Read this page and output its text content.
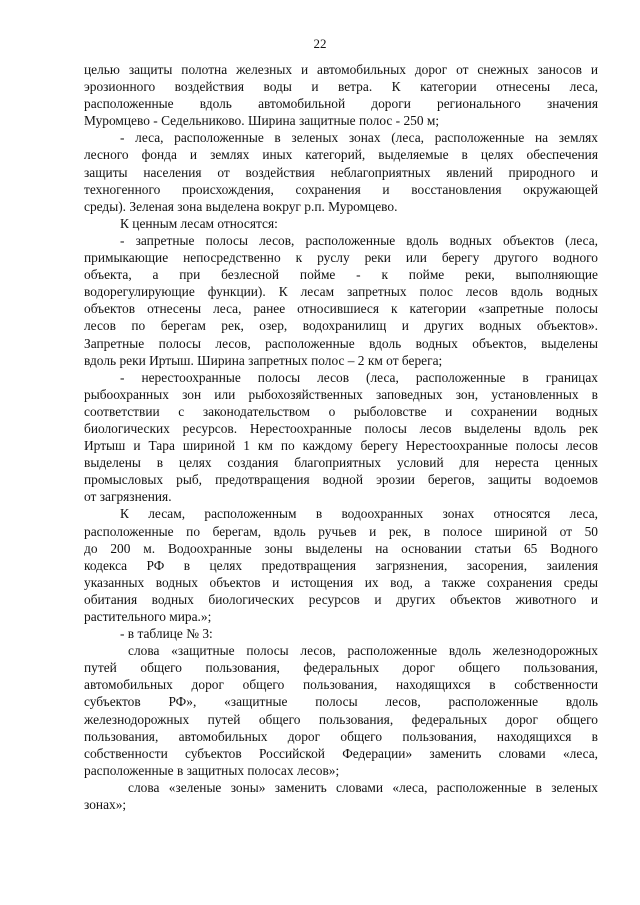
22
целью защиты полотна железных и автомобильных дорог от снежных заносов и
эрозионного воздействия воды и ветра. К категории отнесены леса,
расположенные вдоль автомобильной дороги регионального значения
Муромцево - Седельниково. Ширина защитные полос - 250 м;
- леса, расположенные в зеленых зонах (леса, расположенные на землях
лесного фонда и землях иных категорий, выделяемые в целях обеспечения
защиты населения от воздействия неблагоприятных явлений природного и
техногенного происхождения, сохранения и восстановления окружающей
среды). Зеленая зона выделена вокруг р.п. Муромцево.
К ценным лесам относятся:
- запретные полосы лесов, расположенные вдоль водных объектов (леса,
примыкающие непосредственно к руслу реки или берегу другого водного
объекта, а при безлесной пойме - к пойме реки, выполняющие
водорегулирующие функции). К лесам запретных полос лесов вдоль водных
объектов отнесены леса, ранее относившиеся к категории «запретные полосы
лесов по берегам рек, озер, водохранилищ и других водных объектов».
Запретные полосы лесов, расположенные вдоль водных объектов, выделены
вдоль реки Иртыш. Ширина запретных полос – 2 км от берега;
- нерестоохранные полосы лесов (леса, расположенные в границах
рыбоохранных зон или рыбохозяйственных заповедных зон, установленных в
соответствии с законодательством о рыболовстве и сохранении водных
биологических ресурсов. Нерестоохранные полосы лесов выделены вдоль рек
Иртыш и Тара шириной 1 км по каждому берегу Нерестоохранные полосы лесов
выделены в целях создания благоприятных условий для нереста ценных
промысловых рыб, предотвращения водной эрозии берегов, защиты водоемов
от загрязнения.
К лесам, расположенным в водоохранных зонах относятся леса,
расположенные по берегам, вдоль ручьев и рек, в полосе шириной от 50
до 200 м. Водоохранные зоны выделены на основании статьи 65 Водного
кодекса РФ в целях предотвращения загрязнения, засорения, заиления
указанных водных объектов и истощения их вод, а также сохранения среды
обитания водных биологических ресурсов и других объектов животного и
растительного мира.»;
- в таблице № 3:
слова «защитные полосы лесов, расположенные вдоль железнодорожных
путей общего пользования, федеральных дорог общего пользования,
автомобильных дорог общего пользования, находящихся в собственности
субъектов РФ», «защитные полосы лесов, расположенные вдоль
железнодорожных путей общего пользования, федеральных дорог общего
пользования, автомобильных дорог общего пользования, находящихся в
собственности субъектов Российской Федерации» заменить словами «леса,
расположенные в защитных полосах лесов»;
слова «зеленые зоны» заменить словами «леса, расположенные в зеленых
зонах»;
